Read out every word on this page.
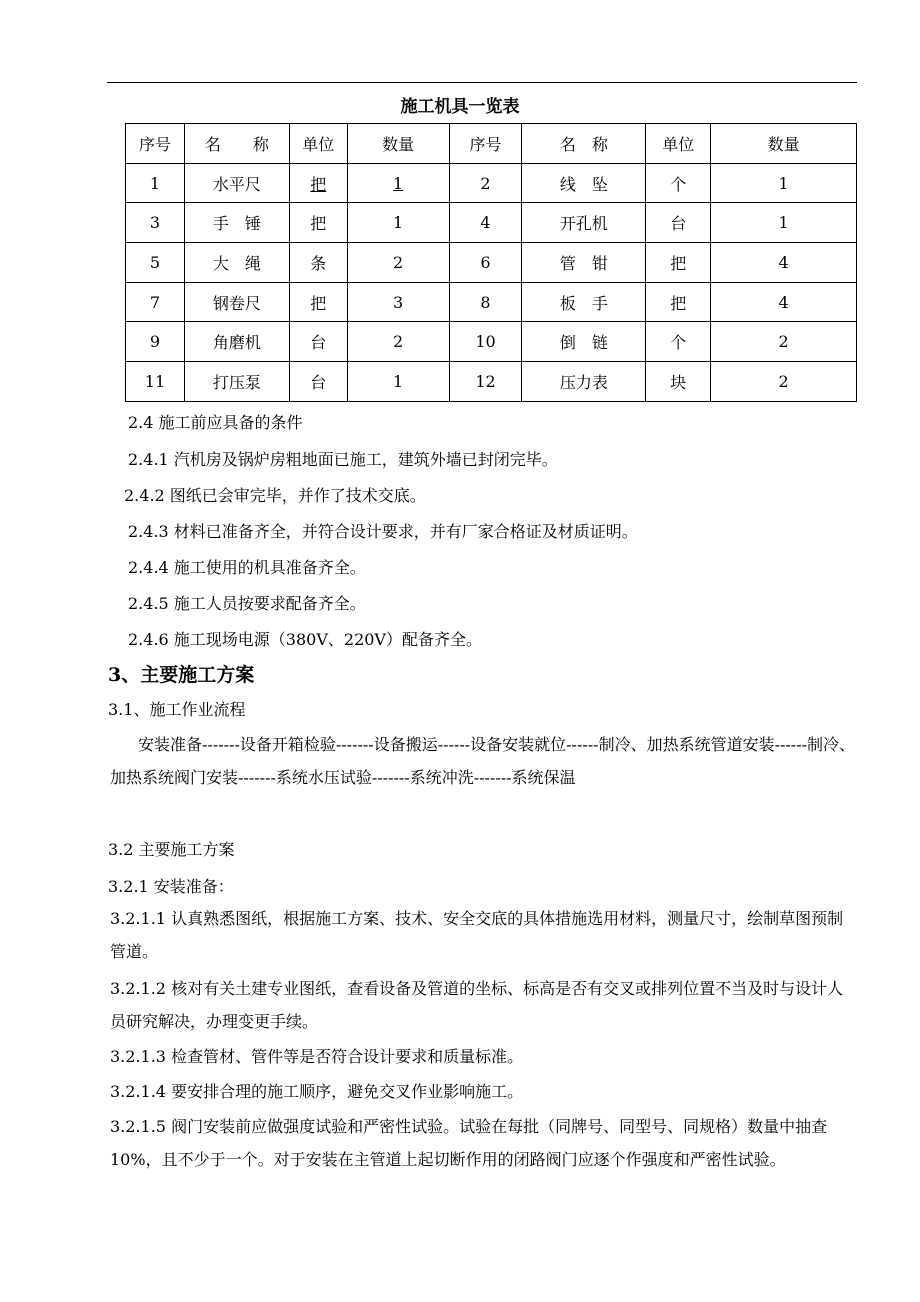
施工机具一览表
序号	名　　称	单位	数量	序号	名　称	单位	数量
1	水平尺	把	1	2	线　坠	个	1
3	手　锤	把	1	4	开孔机	台	1
5	大　绳	条	2	6	管　钳	把	4
7	钢卷尺	把	3	8	板　手	把	4
9	角磨机	台	2	10	倒　链	个	2
11	打压泵	台	1	12	压力表	块	2
2.4 施工前应具备的条件
2.4.1 汽机房及锅炉房粗地面已施工，建筑外墙已封闭完毕。
2.4.2 图纸已会审完毕，并作了技术交底。
2.4.3 材料已准备齐全，并符合设计要求，并有厂家合格证及材质证明。
2.4.4 施工使用的机具准备齐全。
2.4.5 施工人员按要求配备齐全。
2.4.6 施工现场电源（380V、220V）配备齐全。
3、主要施工方案
3.1、施工作业流程
安装准备-------设备开箱检验-------设备搬运------设备安装就位------制冷、加热系统管道安装------制冷、加热系统阀门安装-------系统水压试验-------系统冲洗-------系统保温
3.2 主要施工方案
3.2.1 安装准备：
3.2.1.1 认真熟悉图纸，根据施工方案、技术、安全交底的具体措施选用材料，测量尺寸，绘制草图预制管道。
3.2.1.2 核对有关土建专业图纸，查看设备及管道的坐标、标高是否有交叉或排列位置不当及时与设计人员研究解决，办理变更手续。
3.2.1.3 检查管材、管件等是否符合设计要求和质量标准。
3.2.1.4 要安排合理的施工顺序，避免交叉作业影响施工。
3.2.1.5 阀门安装前应做强度试验和严密性试验。试验在每批（同牌号、同型号、同规格）数量中抽查10%，且不少于一个。对于安装在主管道上起切断作用的闭路阀门应逐个作强度和严密性试验。
